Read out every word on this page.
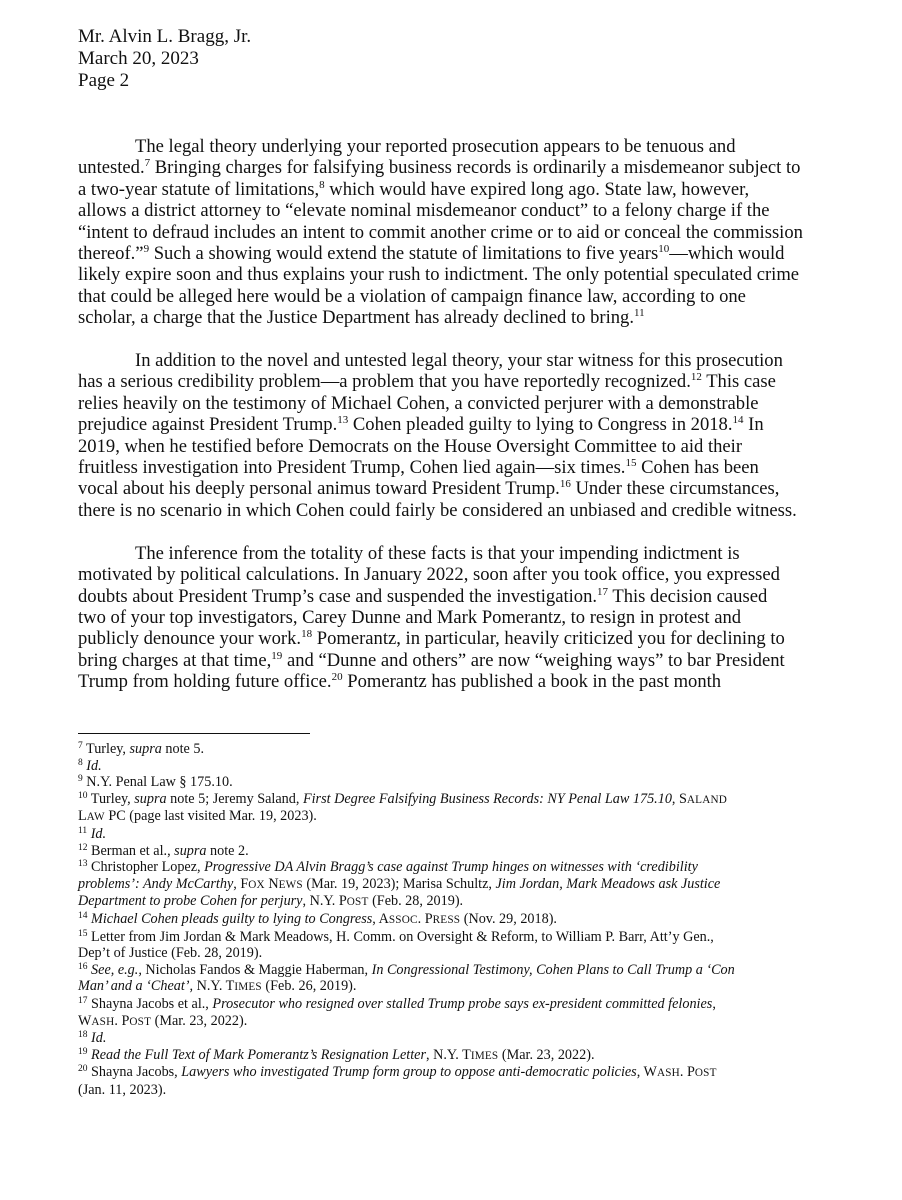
Mr. Alvin L. Bragg, Jr.
March 20, 2023
Page 2
The legal theory underlying your reported prosecution appears to be tenuous and
untested.$^7$ Bringing charges for falsifying business records is ordinarily a misdemeanor subject to
a two-year statute of limitations,$^8$ which would have expired long ago. State law, however,
allows a district attorney to “elevate nominal misdemeanor conduct” to a felony charge if the
“intent to defraud includes an intent to commit another crime or to aid or conceal the commission
thereof.”$^9$ Such a showing would extend the statute of limitations to five years$^{10}$—which would
likely expire soon and thus explains your rush to indictment. The only potential speculated crime
that could be alleged here would be a violation of campaign finance law, according to one
scholar, a charge that the Justice Department has already declined to bring.$^{11}$
In addition to the novel and untested legal theory, your star witness for this prosecution
has a serious credibility problem—a problem that you have reportedly recognized.$^{12}$ This case
relies heavily on the testimony of Michael Cohen, a convicted perjurer with a demonstrable
prejudice against President Trump.$^{13}$ Cohen pleaded guilty to lying to Congress in 2018.14 In
2019, when he testified before Democrats on the House Oversight Committee to aid their
fruitless investigation into President Trump, Cohen lied again—six times.$^{15}$ Cohen has been
vocal about his deeply personal animus toward President Trump.$^{16}$ Under these circumstances,
there is no scenario in which Cohen could fairly be considered an unbiased and credible witness.
The inference from the totality of these facts is that your impending indictment is
motivated by political calculations. In January 2022, soon after you took office, you expressed
doubts about President Trump’s case and suspended the investigation.$^{17}$ This decision caused
two of your top investigators, Carey Dunne and Mark Pomerantz, to resign in protest and
publicly denounce your work.$^{18}$ Pomerantz, in particular, heavily criticized you for declining to
bring charges at that time,$^{19}$ and “Dunne and others” are now “weighing ways” to bar President
Trump from holding future office.$^{20}$ Pomerantz has published a book in the past month
$^7$ Turley, supra note 5.
$^8$ Id.
$^9$ N.Y. Penal Law § 175.10.
$^{10}$ Turley, supra note 5; Jeremy Saland, First Degree Falsifying Business Records: NY Penal Law 175.10, SALAND
LAW PC (page last visited Mar. 19, 2023).
$^{11}$ Id.
$^{12}$ Berman et al., supra note 2.
$^{13}$ Christopher Lopez, Progressive DA Alvin Bragg’s case against Trump hinges on witnesses with ‘credibility
problems’: Andy McCarthy, FOX NEWS (Mar. 19, 2023); Marisa Schultz, Jim Jordan, Mark Meadows ask Justice
Department to probe Cohen for perjury, N.Y. POST (Feb. 28, 2019).
$^{14}$ Michael Cohen pleads guilty to lying to Congress, ASSOC. PRESS (Nov. 29, 2018).
$^{15}$ Letter from Jim Jordan & Mark Meadows, H. Comm. on Oversight & Reform, to William P. Barr, Att’y Gen.,
Dep’t of Justice (Feb. 28, 2019).
$^{16}$ See, e.g., Nicholas Fandos & Maggie Haberman, In Congressional Testimony, Cohen Plans to Call Trump a ‘Con
Man’ and a ‘Cheat’, N.Y. TIMES (Feb. 26, 2019).
$^{17}$ Shayna Jacobs et al., Prosecutor who resigned over stalled Trump probe says ex-president committed felonies,
WASH. POST (Mar. 23, 2022).
$^{18}$ Id.
$^{19}$ Read the Full Text of Mark Pomerantz’s Resignation Letter, N.Y. TIMES (Mar. 23, 2022).
$^{20}$ Shayna Jacobs, Lawyers who investigated Trump form group to oppose anti-democratic policies, WASH. POST
(Jan. 11, 2023).
